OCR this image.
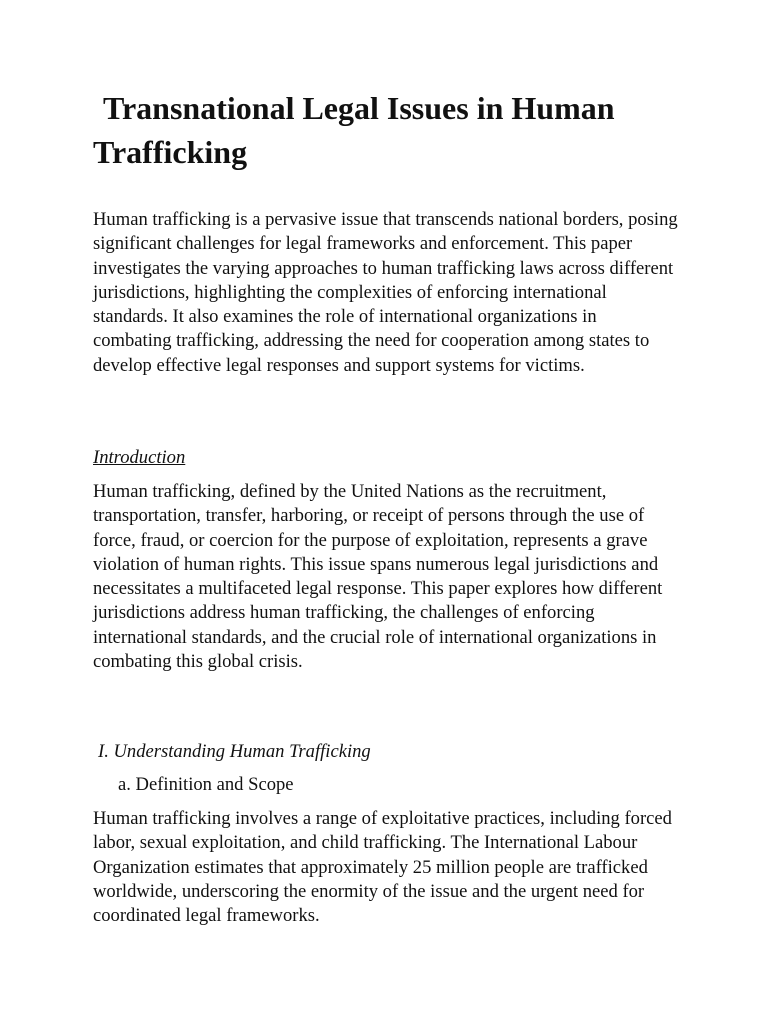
Transnational Legal Issues in Human Trafficking

Human trafficking is a pervasive issue that transcends national borders, posing significant challenges for legal frameworks and enforcement. This paper investigates the varying approaches to human trafficking laws across different jurisdictions, highlighting the complexities of enforcing international standards. It also examines the role of international organizations in combating trafficking, addressing the need for cooperation among states to develop effective legal responses and support systems for victims.

Introduction

Human trafficking, defined by the United Nations as the recruitment, transportation, transfer, harboring, or receipt of persons through the use of force, fraud, or coercion for the purpose of exploitation, represents a grave violation of human rights. This issue spans numerous legal jurisdictions and necessitates a multifaceted legal response. This paper explores how different jurisdictions address human trafficking, the challenges of enforcing international standards, and the crucial role of international organizations in combating this global crisis.

I. Understanding Human Trafficking
a. Definition and Scope

Human trafficking involves a range of exploitative practices, including forced labor, sexual exploitation, and child trafficking. The International Labour Organization estimates that approximately 25 million people are trafficked worldwide, underscoring the enormity of the issue and the urgent need for coordinated legal frameworks.
